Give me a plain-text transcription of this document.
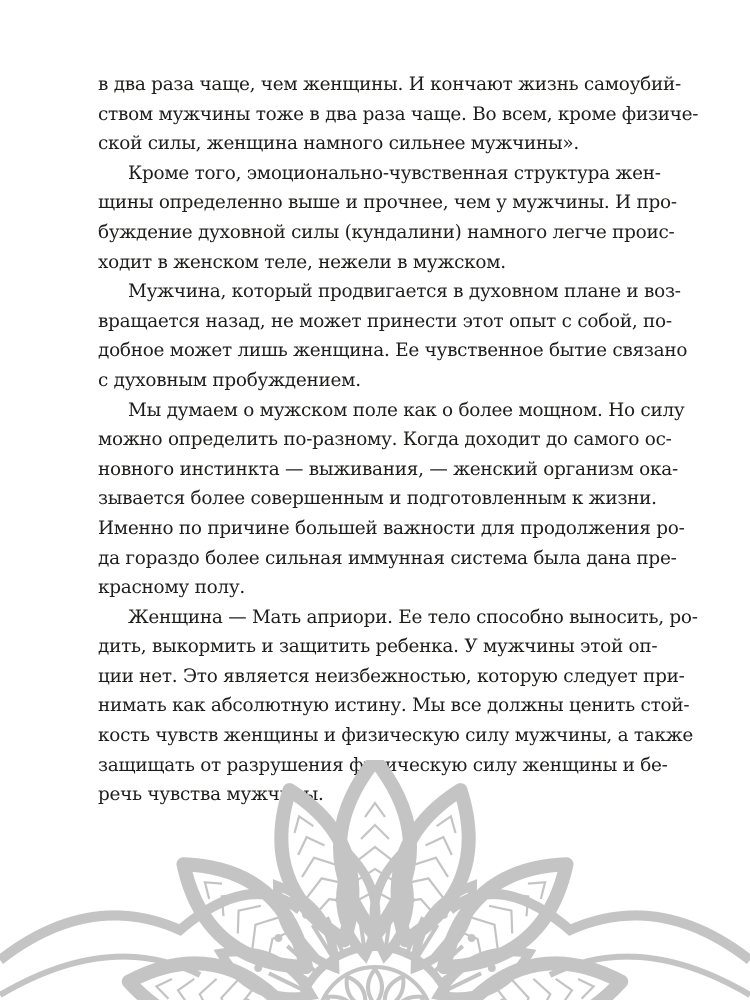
в два раза чаще, чем женщины. И кончают жизнь самоубий-
ством мужчины тоже в два раза чаще. Во всем, кроме физиче-
ской силы, женщина намного сильнее мужчины».
Кроме того, эмоционально-чувственная структура жен-
щины определенно выше и прочнее, чем у мужчины. И про-
буждение духовной силы (кундалини) намного легче проис-
ходит в женском теле, нежели в мужском.
Мужчина, который продвигается в духовном плане и воз-
вращается назад, не может принести этот опыт с собой, по-
добное может лишь женщина. Ее чувственное бытие связано
с духовным пробуждением.
Мы думаем о мужском поле как о более мощном. Но силу
можно определить по-разному. Когда доходит до самого ос-
новного инстинкта — выживания, — женский организм ока-
зывается более совершенным и подготовленным к жизни.
Именно по причине большей важности для продолжения ро-
да гораздо более сильная иммунная система была дана пре-
красному полу.
Женщина — Мать априори. Ее тело способно выносить, ро-
дить, выкормить и защитить ребенка. У мужчины этой оп-
ции нет. Это является неизбежностью, которую следует при-
нимать как абсолютную истину. Мы все должны ценить стой-
кость чувств женщины и физическую силу мужчины, а также
защищать от разрушения физическую силу женщины и бе-
речь чувства мужчины.
